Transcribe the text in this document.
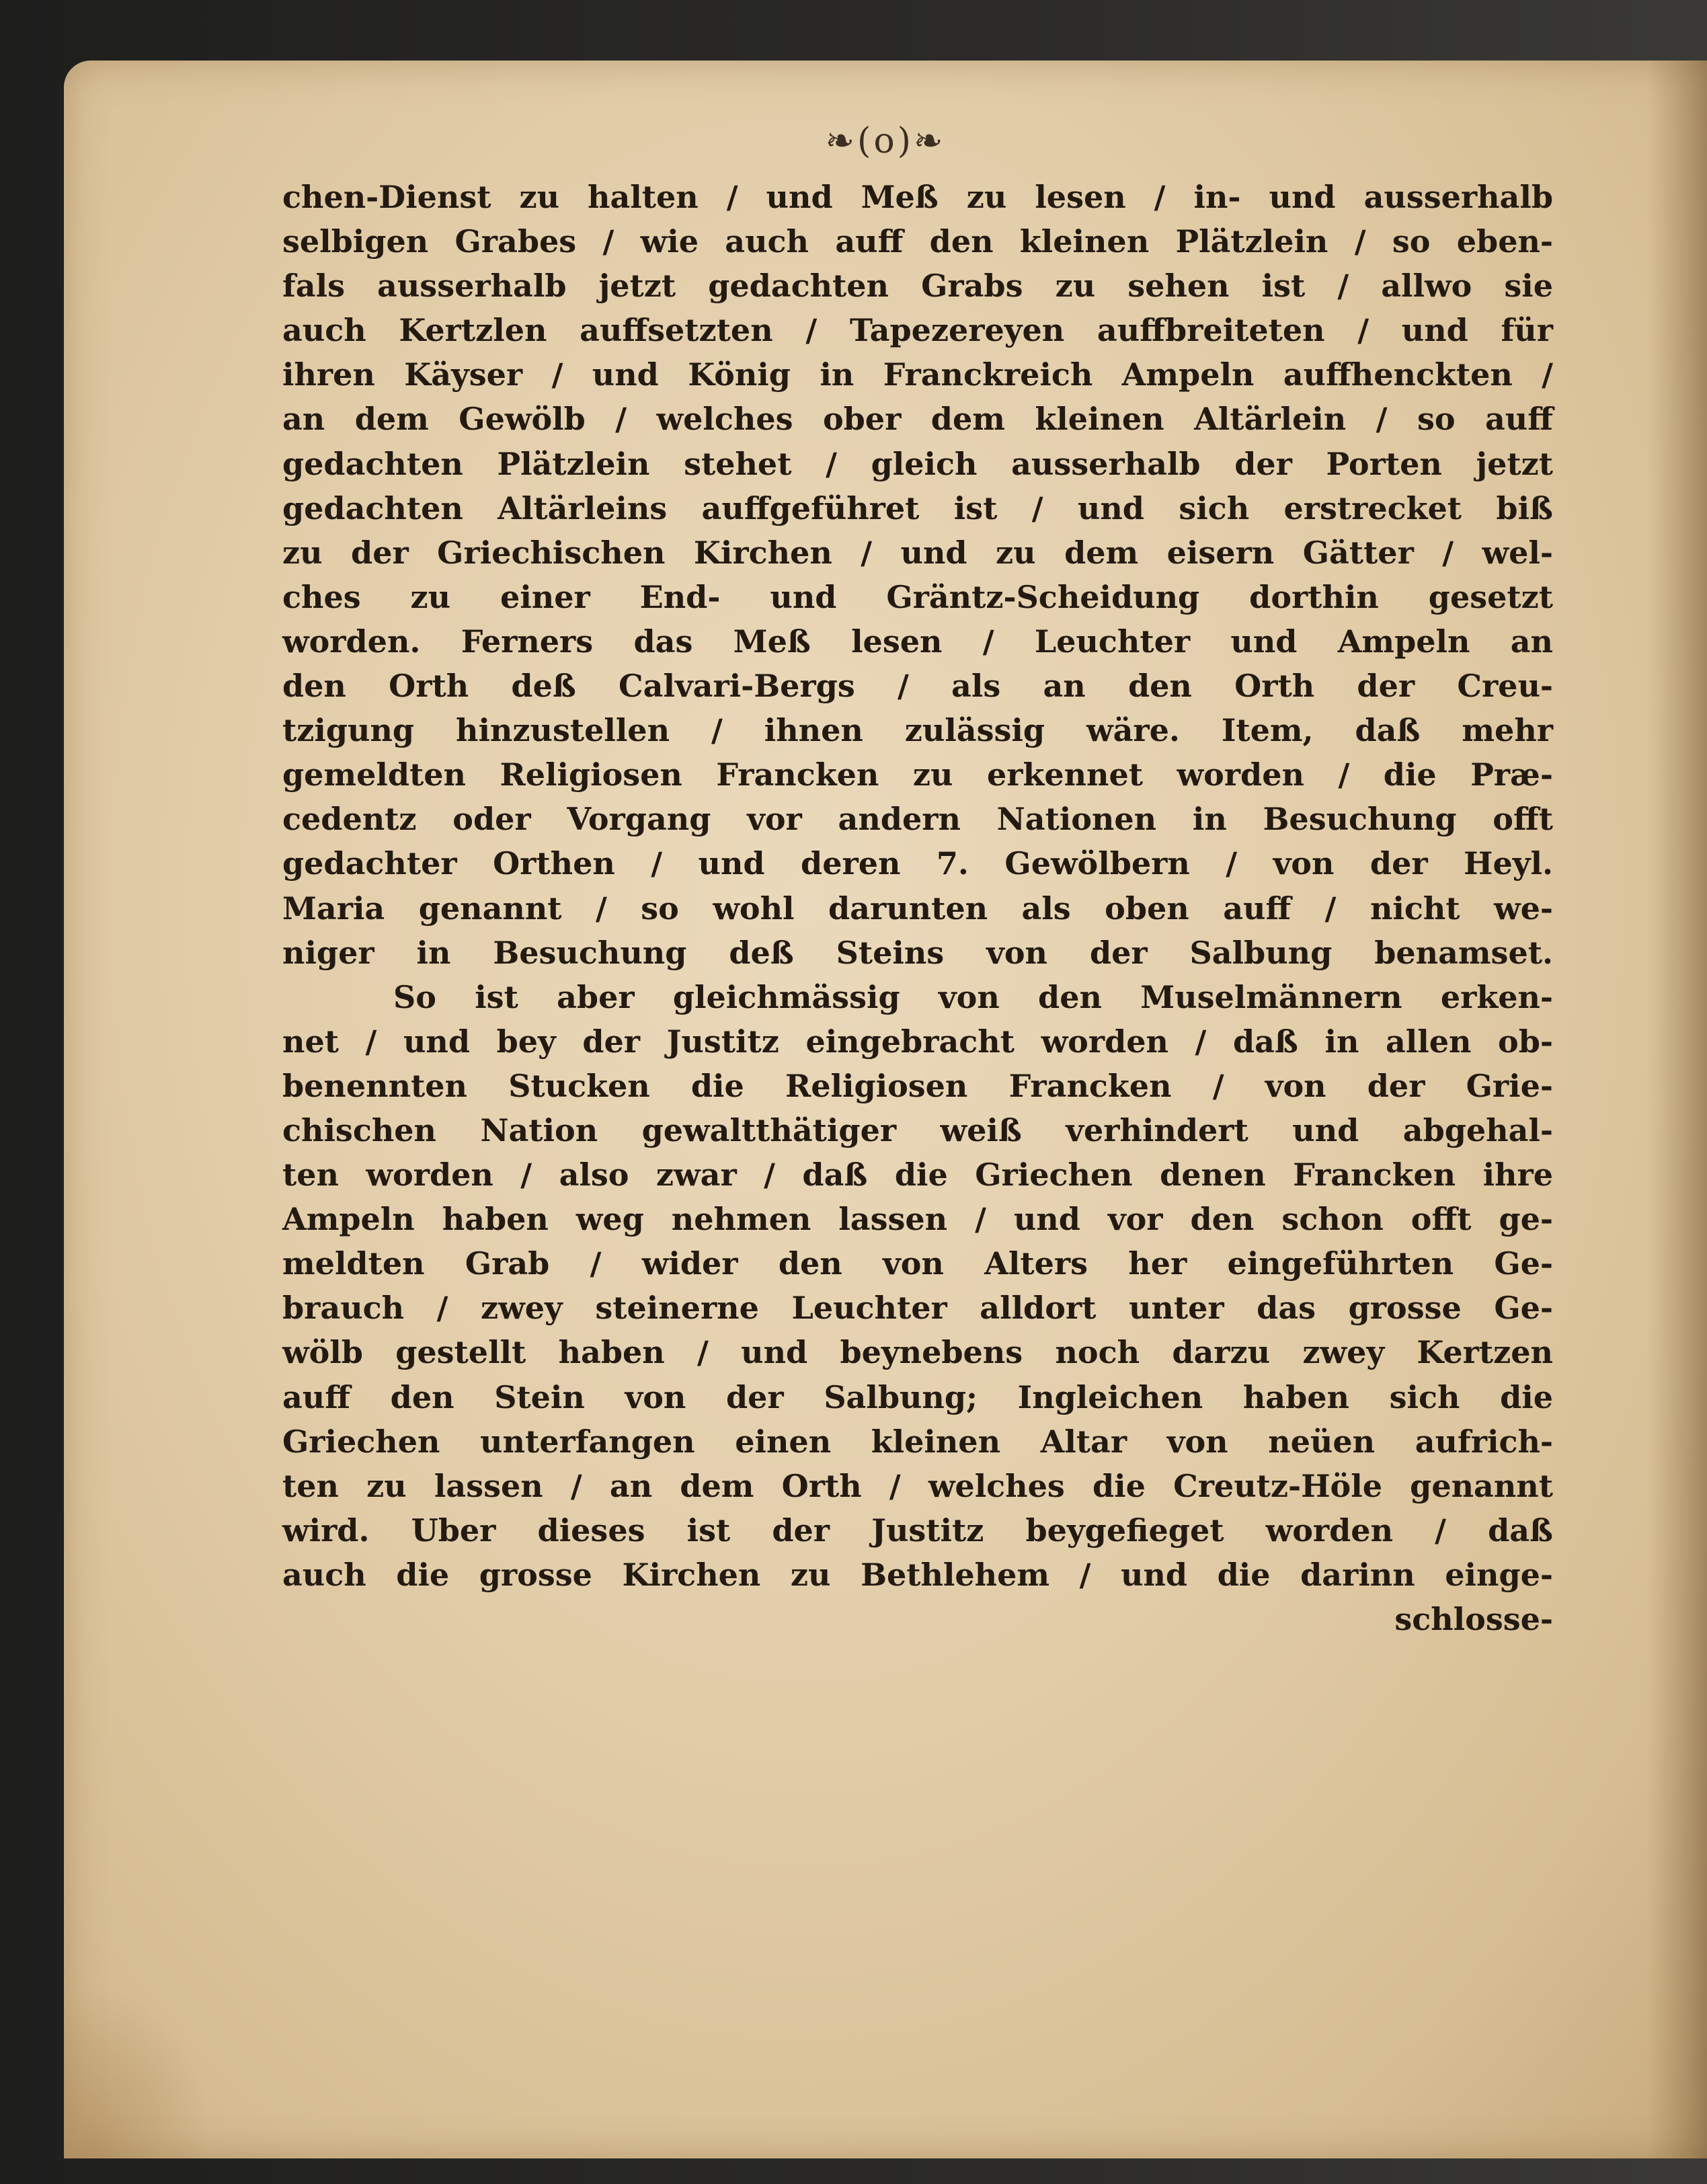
❧(o)❧
chen-Dienst zu halten / und Meß zu lesen / in- und ausserhalb
selbigen Grabes / wie auch auff den kleinen Plätzlein / so eben-
fals ausserhalb jetzt gedachten Grabs zu sehen ist / allwo sie
auch Kertzlen auffsetzten / Tapezereyen auffbreiteten / und für
ihren Käyser / und König in Franckreich Ampeln auffhenckten /
an dem Gewölb / welches ober dem kleinen Altärlein / so auff
gedachten Plätzlein stehet / gleich ausserhalb der Porten jetzt
gedachten Altärleins auffgeführet ist / und sich erstrecket biß
zu der Griechischen Kirchen / und zu dem eisern Gätter / wel-
ches zu einer End- und Gräntz-Scheidung dorthin gesetzt
worden. Ferners das Meß lesen / Leuchter und Ampeln an
den Orth deß Calvari-Bergs / als an den Orth der Creu-
tzigung hinzustellen / ihnen zulässig wäre. Item, daß mehr
gemeldten Religiosen Francken zu erkennet worden / die Præ-
cedentz oder Vorgang vor andern Nationen in Besuchung offt
gedachter Orthen / und deren 7. Gewölbern / von der Heyl.
Maria genannt / so wohl darunten als oben auff / nicht we-
niger in Besuchung deß Steins von der Salbung benamset.
So ist aber gleichmässig von den Muselmännern erken-
net / und bey der Justitz eingebracht worden / daß in allen ob-
benennten Stucken die Religiosen Francken / von der Grie-
chischen Nation gewaltthätiger weiß verhindert und abgehal-
ten worden / also zwar / daß die Griechen denen Francken ihre
Ampeln haben weg nehmen lassen / und vor den schon offt ge-
meldten Grab / wider den von Alters her eingeführten Ge-
brauch / zwey steinerne Leuchter alldort unter das grosse Ge-
wölb gestellt haben / und beynebens noch darzu zwey Kertzen
auff den Stein von der Salbung; Ingleichen haben sich die
Griechen unterfangen einen kleinen Altar von neüen aufrich-
ten zu lassen / an dem Orth / welches die Creutz-Höle genannt
wird. Uber dieses ist der Justitz beygefieget worden / daß
auch die grosse Kirchen zu Bethlehem / und die darinn einge-
schlosse-
